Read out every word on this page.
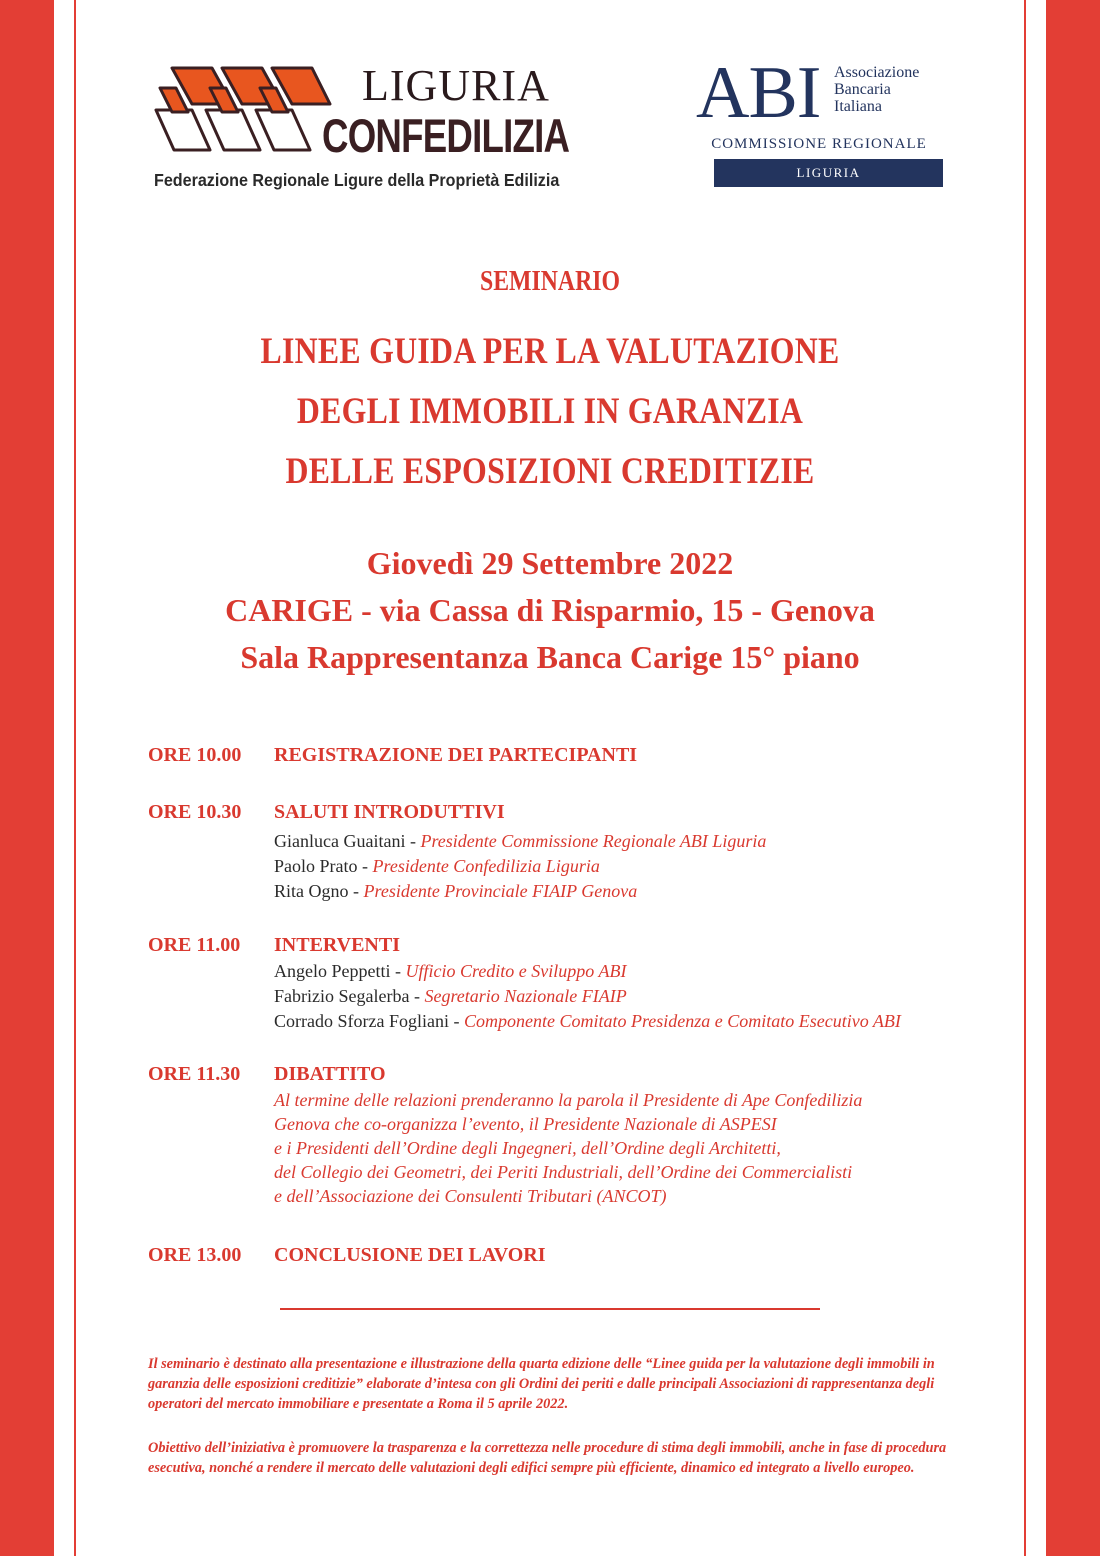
LIGURIA
CONFEDILIZIA
Federazione Regionale Ligure della Proprietà Edilizia
ABI Associazione
Bancaria
Italiana
COMMISSIONE REGIONALE
LIGURIA
SEMINARIO
LINEE GUIDA PER LA VALUTAZIONE
DEGLI IMMOBILI IN GARANZIA
DELLE ESPOSIZIONI CREDITIZIE
Giovedì 29 Settembre 2022
CARIGE - via Cassa di Risparmio, 15 - Genova
Sala Rappresentanza Banca Carige 15° piano
ORE 10.00 REGISTRAZIONE DEI PARTECIPANTI
ORE 10.30 SALUTI INTRODUTTIVI
Gianluca Guaitani - Presidente Commissione Regionale ABI Liguria
Paolo Prato - Presidente Confedilizia Liguria
Rita Ogno - Presidente Provinciale FIAIP Genova
ORE 11.00 INTERVENTI
Angelo Peppetti - Ufficio Credito e Sviluppo ABI
Fabrizio Segalerba - Segretario Nazionale FIAIP
Corrado Sforza Fogliani - Componente Comitato Presidenza e Comitato Esecutivo ABI
ORE 11.30 DIBATTITO
Al termine delle relazioni prenderanno la parola il Presidente di Ape Confedilizia
Genova che co-organizza l’evento, il Presidente Nazionale di ASPESI
e i Presidenti dell’Ordine degli Ingegneri, dell’Ordine degli Architetti,
del Collegio dei Geometri, dei Periti Industriali, dell’Ordine dei Commercialisti
e dell’Associazione dei Consulenti Tributari (ANCOT)
ORE 13.00 CONCLUSIONE DEI LAVORI
Il seminario è destinato alla presentazione e illustrazione della quarta edizione delle “Linee guida per la valutazione degli immobili in garanzia delle esposizioni creditizie” elaborate d’intesa con gli Ordini dei periti e dalle principali Associazioni di rappresentanza degli operatori del mercato immobiliare e presentate a Roma il 5 aprile 2022.
Obiettivo dell’iniziativa è promuovere la trasparenza e la correttezza nelle procedure di stima degli immobili, anche in fase di procedura esecutiva, nonché a rendere il mercato delle valutazioni degli edifici sempre più efficiente, dinamico ed integrato a livello europeo.
